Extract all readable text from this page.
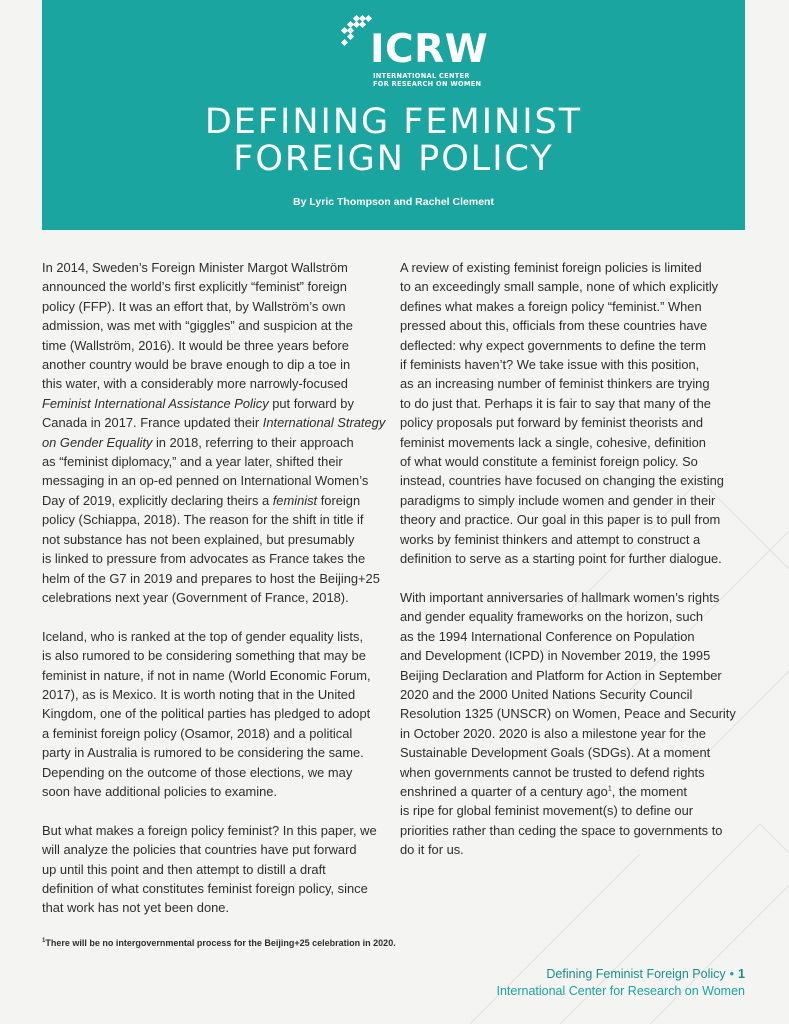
ICRW
INTERNATIONAL CENTER
FOR RESEARCH ON WOMEN
DEFINING FEMINIST
FOREIGN POLICY
By Lyric Thompson and Rachel Clement

In 2014, Sweden’s Foreign Minister Margot Wallström
announced the world’s first explicitly “feminist” foreign
policy (FFP). It was an effort that, by Wallström’s own
admission, was met with “giggles” and suspicion at the
time (Wallström, 2016). It would be three years before
another country would be brave enough to dip a toe in
this water, with a considerably more narrowly-focused
Feminist International Assistance Policy put forward by
Canada in 2017. France updated their International Strategy
on Gender Equality in 2018, referring to their approach
as “feminist diplomacy,” and a year later, shifted their
messaging in an op-ed penned on International Women’s
Day of 2019, explicitly declaring theirs a feminist foreign
policy (Schiappa, 2018). The reason for the shift in title if
not substance has not been explained, but presumably
is linked to pressure from advocates as France takes the
helm of the G7 in 2019 and prepares to host the Beijing+25
celebrations next year (Government of France, 2018).

Iceland, who is ranked at the top of gender equality lists,
is also rumored to be considering something that may be
feminist in nature, if not in name (World Economic Forum,
2017), as is Mexico. It is worth noting that in the United
Kingdom, one of the political parties has pledged to adopt
a feminist foreign policy (Osamor, 2018) and a political
party in Australia is rumored to be considering the same.
Depending on the outcome of those elections, we may
soon have additional policies to examine.

But what makes a foreign policy feminist? In this paper, we
will analyze the policies that countries have put forward
up until this point and then attempt to distill a draft
definition of what constitutes feminist foreign policy, since
that work has not yet been done.

A review of existing feminist foreign policies is limited
to an exceedingly small sample, none of which explicitly
defines what makes a foreign policy “feminist.” When
pressed about this, officials from these countries have
deflected: why expect governments to define the term
if feminists haven’t? We take issue with this position,
as an increasing number of feminist thinkers are trying
to do just that. Perhaps it is fair to say that many of the
policy proposals put forward by feminist theorists and
feminist movements lack a single, cohesive, definition
of what would constitute a feminist foreign policy. So
instead, countries have focused on changing the existing
paradigms to simply include women and gender in their
theory and practice. Our goal in this paper is to pull from
works by feminist thinkers and attempt to construct a
definition to serve as a starting point for further dialogue.

With important anniversaries of hallmark women’s rights
and gender equality frameworks on the horizon, such
as the 1994 International Conference on Population
and Development (ICPD) in November 2019, the 1995
Beijing Declaration and Platform for Action in September
2020 and the 2000 United Nations Security Council
Resolution 1325 (UNSCR) on Women, Peace and Security
in October 2020. 2020 is also a milestone year for the
Sustainable Development Goals (SDGs). At a moment
when governments cannot be trusted to defend rights
enshrined a quarter of a century ago$^1$, the moment
is ripe for global feminist movement(s) to define our
priorities rather than ceding the space to governments to
do it for us.

$^1$There will be no intergovernmental process for the Beijing+25 celebration in 2020.
Defining Feminist Foreign Policy • 1
International Center for Research on Women
